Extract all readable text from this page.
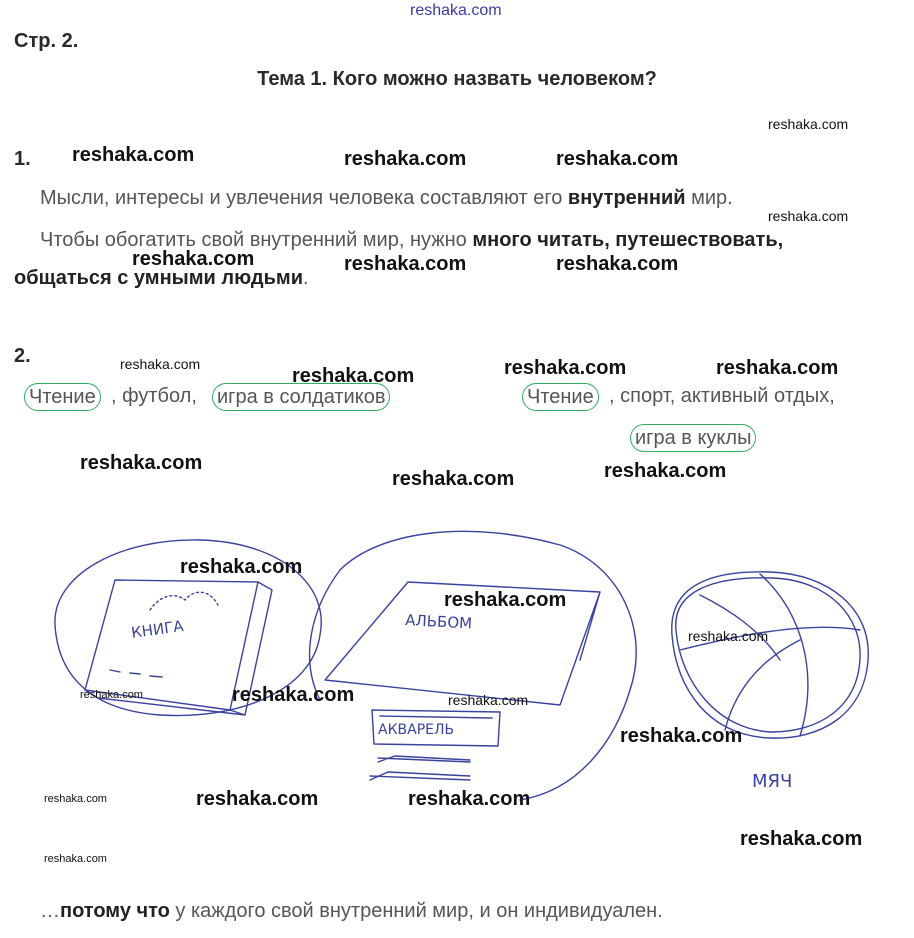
reshaka.com
Стр. 2.
Тема 1. Кого можно назвать человеком?
1.
Мысли, интересы и увлечения человека составляют его внутренний мир.
Чтобы обогатить свой внутренний мир, нужно много читать, путешествовать,
общаться с умными людьми.
2.
Чтение , футбол, игра в солдатиков	Чтение , спорт, активный отдых,
игра в куклы
КНИГА	АЛЬБОМ
АКВАРЕЛЬ
МЯЧ
reshaka.com	reshaka.com	reshaka.com
reshaka.com
reshaka.com
reshaka.com	reshaka.com	reshaka.com
reshaka.com
reshaka.com	reshaka.com	reshaka.com
reshaka.com	reshaka.com
reshaka.com
reshaka.com
reshaka.com
reshaka.com
reshaka.com	reshaka.com	reshaka.com
reshaka.com
reshaka.com	reshaka.com	reshaka.com
reshaka.com
reshaka.com
…потому что у каждого свой внутренний мир, и он индивидуален.
